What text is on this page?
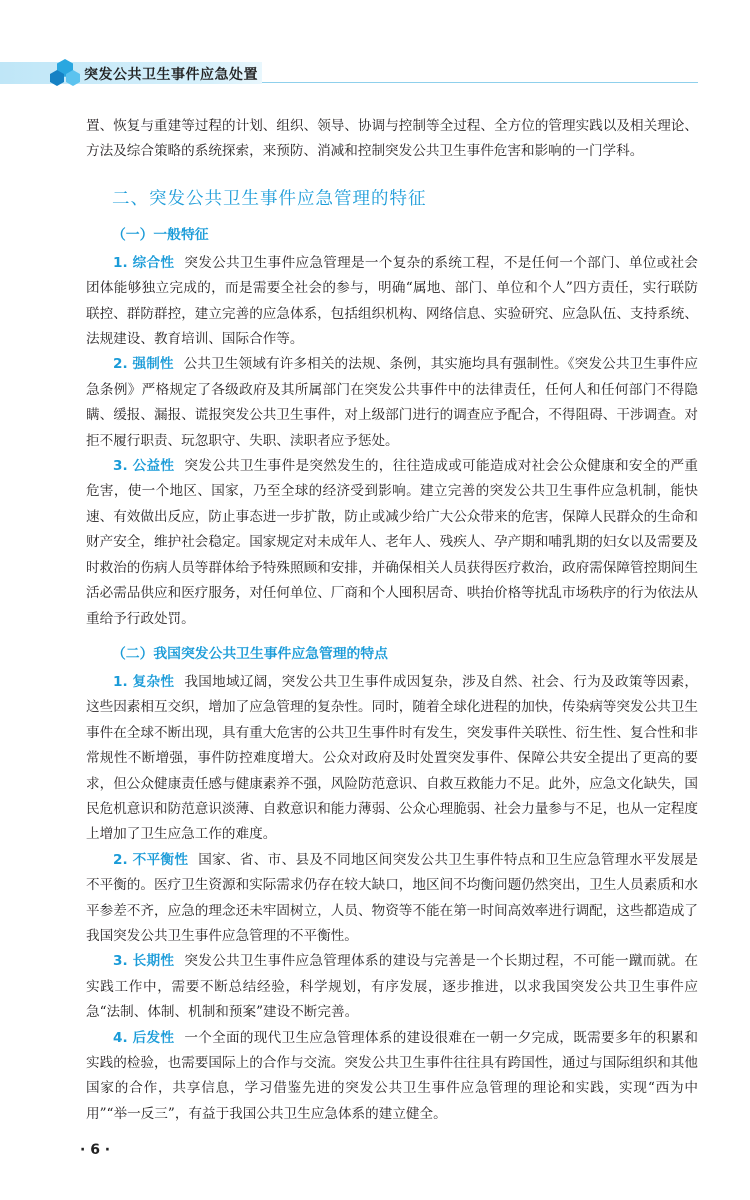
突发公共卫生事件应急处置

置、恢复与重建等过程的计划、组织、领导、协调与控制等全过程、全方位的管理实践以及相关理论、方法及综合策略的系统探索，来预防、消减和控制突发公共卫生事件危害和影响的一门学科。

二、突发公共卫生事件应急管理的特征
（一）一般特征

1. 综合性 突发公共卫生事件应急管理是一个复杂的系统工程，不是任何一个部门、单位或社会团体能够独立完成的，而是需要全社会的参与，明确“属地、部门、单位和个人”四方责任，实行联防联控、群防群控，建立完善的应急体系，包括组织机构、网络信息、实验研究、应急队伍、支持系统、法规建设、教育培训、国际合作等。

2. 强制性 公共卫生领域有许多相关的法规、条例，其实施均具有强制性。《突发公共卫生事件应急条例》严格规定了各级政府及其所属部门在突发公共事件中的法律责任，任何人和任何部门不得隐瞒、缓报、漏报、谎报突发公共卫生事件，对上级部门进行的调查应予配合，不得阻碍、干涉调查。对拒不履行职责、玩忽职守、失职、渎职者应予惩处。

3. 公益性 突发公共卫生事件是突然发生的，往往造成或可能造成对社会公众健康和安全的严重危害，使一个地区、国家，乃至全球的经济受到影响。建立完善的突发公共卫生事件应急机制，能快速、有效做出反应，防止事态进一步扩散，防止或减少给广大公众带来的危害，保障人民群众的生命和财产安全，维护社会稳定。国家规定对未成年人、老年人、残疾人、孕产期和哺乳期的妇女以及需要及时救治的伤病人员等群体给予特殊照顾和安排，并确保相关人员获得医疗救治，政府需保障管控期间生活必需品供应和医疗服务，对任何单位、厂商和个人囤积居奇、哄抬价格等扰乱市场秩序的行为依法从重给予行政处罚。

（二）我国突发公共卫生事件应急管理的特点

1. 复杂性 我国地域辽阔，突发公共卫生事件成因复杂，涉及自然、社会、行为及政策等因素，这些因素相互交织，增加了应急管理的复杂性。同时，随着全球化进程的加快，传染病等突发公共卫生事件在全球不断出现，具有重大危害的公共卫生事件时有发生，突发事件关联性、衍生性、复合性和非常规性不断增强，事件防控难度增大。公众对政府及时处置突发事件、保障公共安全提出了更高的要求，但公众健康责任感与健康素养不强，风险防范意识、自救互救能力不足。此外，应急文化缺失，国民危机意识和防范意识淡薄、自救意识和能力薄弱、公众心理脆弱、社会力量参与不足，也从一定程度上增加了卫生应急工作的难度。

2. 不平衡性 国家、省、市、县及不同地区间突发公共卫生事件特点和卫生应急管理水平发展是不平衡的。医疗卫生资源和实际需求仍存在较大缺口，地区间不均衡问题仍然突出，卫生人员素质和水平参差不齐，应急的理念还未牢固树立，人员、物资等不能在第一时间高效率进行调配，这些都造成了我国突发公共卫生事件应急管理的不平衡性。

3. 长期性 突发公共卫生事件应急管理体系的建设与完善是一个长期过程，不可能一蹴而就。在实践工作中，需要不断总结经验，科学规划，有序发展，逐步推进，以求我国突发公共卫生事件应急“法制、体制、机制和预案”建设不断完善。

4. 后发性 一个全面的现代卫生应急管理体系的建设很难在一朝一夕完成，既需要多年的积累和实践的检验，也需要国际上的合作与交流。突发公共卫生事件往往具有跨国性，通过与国际组织和其他国家的合作，共享信息，学习借鉴先进的突发公共卫生事件应急管理的理论和实践，实现“西为中用”“举一反三”，有益于我国公共卫生应急体系的建立健全。

· 6 ·
